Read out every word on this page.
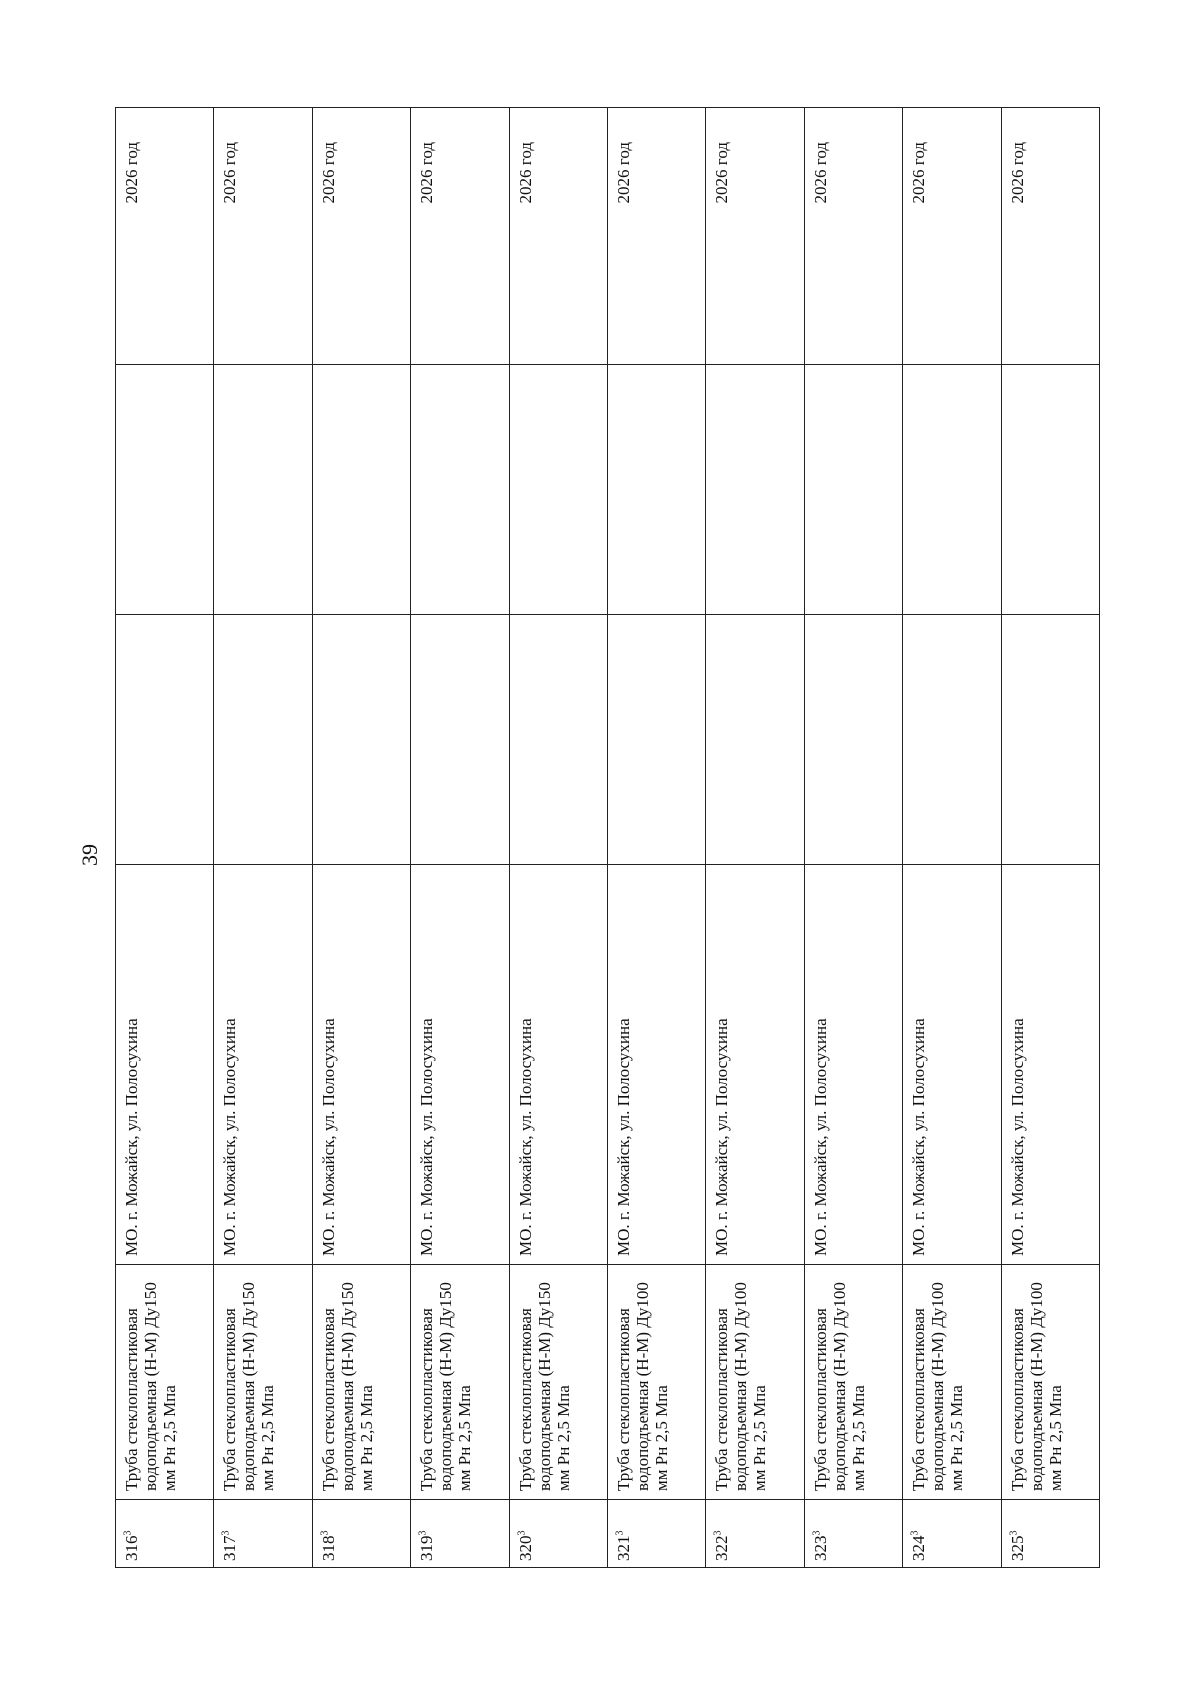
39
$316^3$	Труба стеклопластиковая водоподъемная (Н-М) Ду150 мм Рн 2,5 Мпа	МО. г. Можайск, ул. Полосухина			2026 год
$317^3$	Труба стеклопластиковая водоподъемная (Н-М) Ду150 мм Рн 2,5 Мпа	МО. г. Можайск, ул. Полосухина			2026 год
$318^3$	Труба стеклопластиковая водоподъемная (Н-М) Ду150 мм Рн 2,5 Мпа	МО. г. Можайск, ул. Полосухина			2026 год
$319^3$	Труба стеклопластиковая водоподъемная (Н-М) Ду150 мм Рн 2,5 Мпа	МО. г. Можайск, ул. Полосухина			2026 год
$320^3$	Труба стеклопластиковая водоподъемная (Н-М) Ду150 мм Рн 2,5 Мпа	МО. г. Можайск, ул. Полосухина			2026 год
$321^3$	Труба стеклопластиковая водоподъемная (Н-М) Ду100 мм Рн 2,5 Мпа	МО. г. Можайск, ул. Полосухина			2026 год
$322^3$	Труба стеклопластиковая водоподъемная (Н-М) Ду100 мм Рн 2,5 Мпа	МО. г. Можайск, ул. Полосухина			2026 год
$323^3$	Труба стеклопластиковая водоподъемная (Н-М) Ду100 мм Рн 2,5 Мпа	МО. г. Можайск, ул. Полосухина			2026 год
$324^3$	Труба стеклопластиковая водоподъемная (Н-М) Ду100 мм Рн 2,5 Мпа	МО. г. Можайск, ул. Полосухина			2026 год
$325^3$	Труба стеклопластиковая водоподъемная (Н-М) Ду100 мм Рн 2,5 Мпа	МО. г. Можайск, ул. Полосухина			2026 год
